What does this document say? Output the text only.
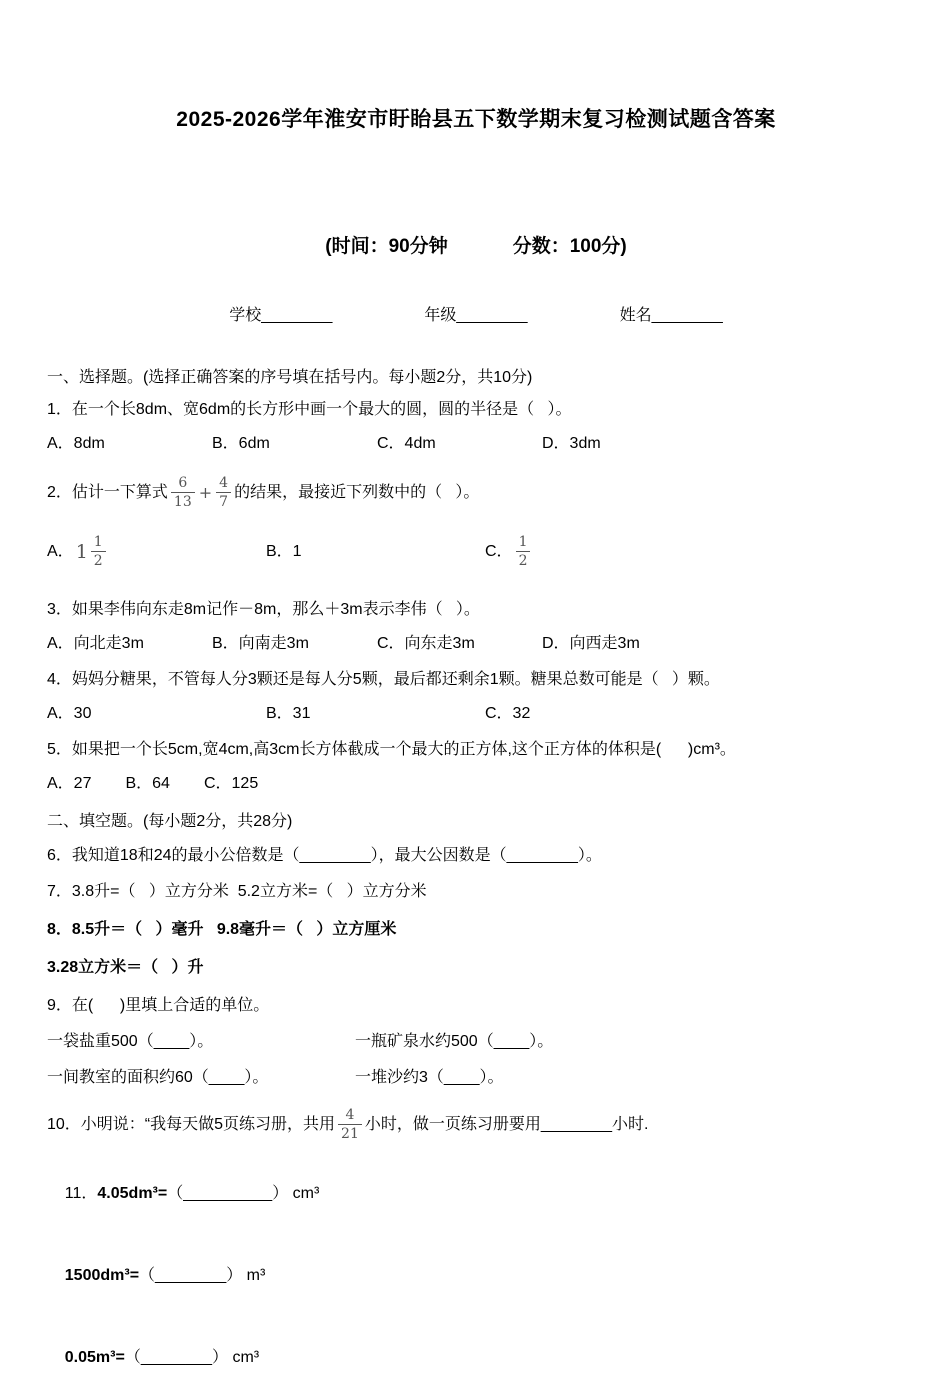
2025-2026学年淮安市盱眙县五下数学期末复习检测试题含答案
(时间：90分钟	分数：100分)
学校________	年级________	姓名________
一、选择题。(选择正确答案的序号填在括号内。每小题2分，共10分)
1．在一个长8dm、宽6dm的长方形中画一个最大的圆，圆的半径是（   ）。
A．8dm	B．6dm	C．4dm	D．3dm
2．估计一下算式 $\frac{6}{13} + \frac{4}{7}$ 的结果，最接近下列数中的（   ）。
A． $1 \frac{1}{2}$	B．1	C． $\frac{1}{2}$
3．如果李伟向东走8m记作－8m，那么＋3m表示李伟（   ）。
A．向北走3m	B．向南走3m	C．向东走3m	D．向西走3m
4．妈妈分糖果，不管每人分3颗还是每人分5颗，最后都还剩余1颗。糖果总数可能是（   ）颗。
A．30	B．31	C．32
5．如果把一个长5cm,宽4cm,高3cm长方体截成一个最大的正方体,这个正方体的体积是(      )cm³。
A．27 B．64 C．125
二、填空题。(每小题2分，共28分)
6．我知道18和24的最小公倍数是（________），最大公因数是（________）。
7．3.8升=（   ）立方分米  5.2立方米=（   ）立方分米
8．8.5升＝（   ）毫升   9.8毫升＝（   ）立方厘米
3.28立方米＝（   ）升
9．在(      )里填上合适的单位。
一袋盐重500（____）。	一瓶矿泉水约500（____）。
一间教室的面积约60（____）。	一堆沙约3（____）。
10．小明说：“我每天做5页练习册，共用 $\frac{4}{21}$ 小时，做一页练习册要用________小时.

11．4.05dm³=（__________） cm³

1500dm³=（________） m³

0.05m³=（________） cm³
